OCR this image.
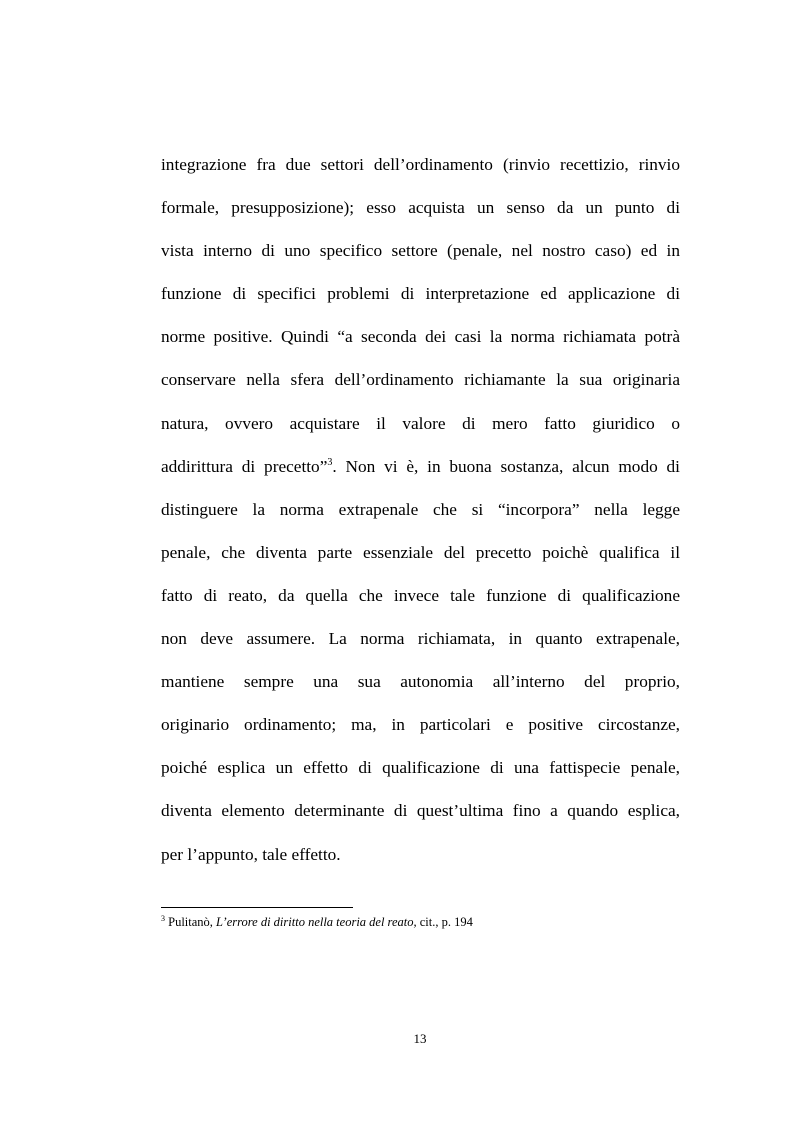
integrazione fra due settori dell’ordinamento (rinvio recettizio, rinvio
formale, presupposizione); esso acquista un senso da un punto di
vista interno di uno specifico settore (penale, nel nostro caso) ed in
funzione di specifici problemi di interpretazione ed applicazione di
norme positive. Quindi “a seconda dei casi la norma richiamata potrà
conservare nella sfera dell’ordinamento richiamante la sua originaria
natura, ovvero acquistare il valore di mero fatto giuridico o
addirittura di precetto”$^3$. Non vi è, in buona sostanza, alcun modo di
distinguere la norma extrapenale che si “incorpora” nella legge
penale, che diventa parte essenziale del precetto poichè qualifica il
fatto di reato, da quella che invece tale funzione di qualificazione
non deve assumere. La norma richiamata, in quanto extrapenale,
mantiene sempre una sua autonomia all’interno del proprio,
originario ordinamento; ma, in particolari e positive circostanze,
poiché esplica un effetto di qualificazione di una fattispecie penale,
diventa elemento determinante di quest’ultima fino a quando esplica,
per l’appunto, tale effetto.
$^3$ Pulitanò, L’errore di diritto nella teoria del reato, cit., p. 194
13
